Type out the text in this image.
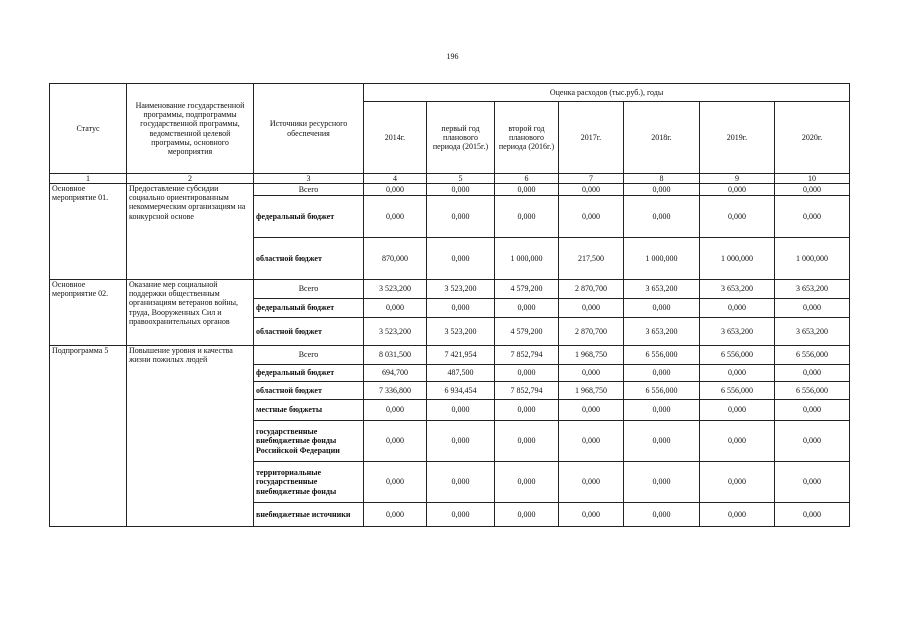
196
Статус	Наименование государственной программы, подпрограммы государственной программы, ведомственной целевой программы, основного мероприятия	Источники ресурсного обеспечения	Оценка расходов (тыс.руб.), годы						
			2014г.	первый год планового периода (2015г.)	второй год планового периода (2016г.)	2017г.	2018г.	2019г.	2020г.
1	2	3	4	5	6	7	8	9	10
Основное мероприятие 01.	Предоставление субсидии социально ориентированным некоммерческим организациям на конкурсной основе	Всего	0,000	0,000	0,000	0,000	0,000	0,000	0,000
		федеральный бюджет	0,000	0,000	0,000	0,000	0,000	0,000	0,000
		областной бюджет	870,000	0,000	1 000,000	217,500	1 000,000	1 000,000	1 000,000
Основное мероприятие 02.	Оказание мер социальной поддержки общественным организациям ветеранов войны, труда, Вооруженных Сил и правоохранительных органов	Всего	3 523,200	3 523,200	4 579,200	2 870,700	3 653,200	3 653,200	3 653,200
		федеральный бюджет	0,000	0,000	0,000	0,000	0,000	0,000	0,000
		областной бюджет	3 523,200	3 523,200	4 579,200	2 870,700	3 653,200	3 653,200	3 653,200
Подпрограмма 5	Повышение уровня и качества жизни пожилых людей	Всего	8 031,500	7 421,954	7 852,794	1 968,750	6 556,000	6 556,000	6 556,000
		федеральный бюджет	694,700	487,500	0,000	0,000	0,000	0,000	0,000
		областной бюджет	7 336,800	6 934,454	7 852,794	1 968,750	6 556,000	6 556,000	6 556,000
		местные бюджеты	0,000	0,000	0,000	0,000	0,000	0,000	0,000
		государственные внебюджетные фонды Российской Федерации	0,000	0,000	0,000	0,000	0,000	0,000	0,000
		территориальные государственные внебюджетные фонды	0,000	0,000	0,000	0,000	0,000	0,000	0,000
		внебюджетные источники	0,000	0,000	0,000	0,000	0,000	0,000	0,000
